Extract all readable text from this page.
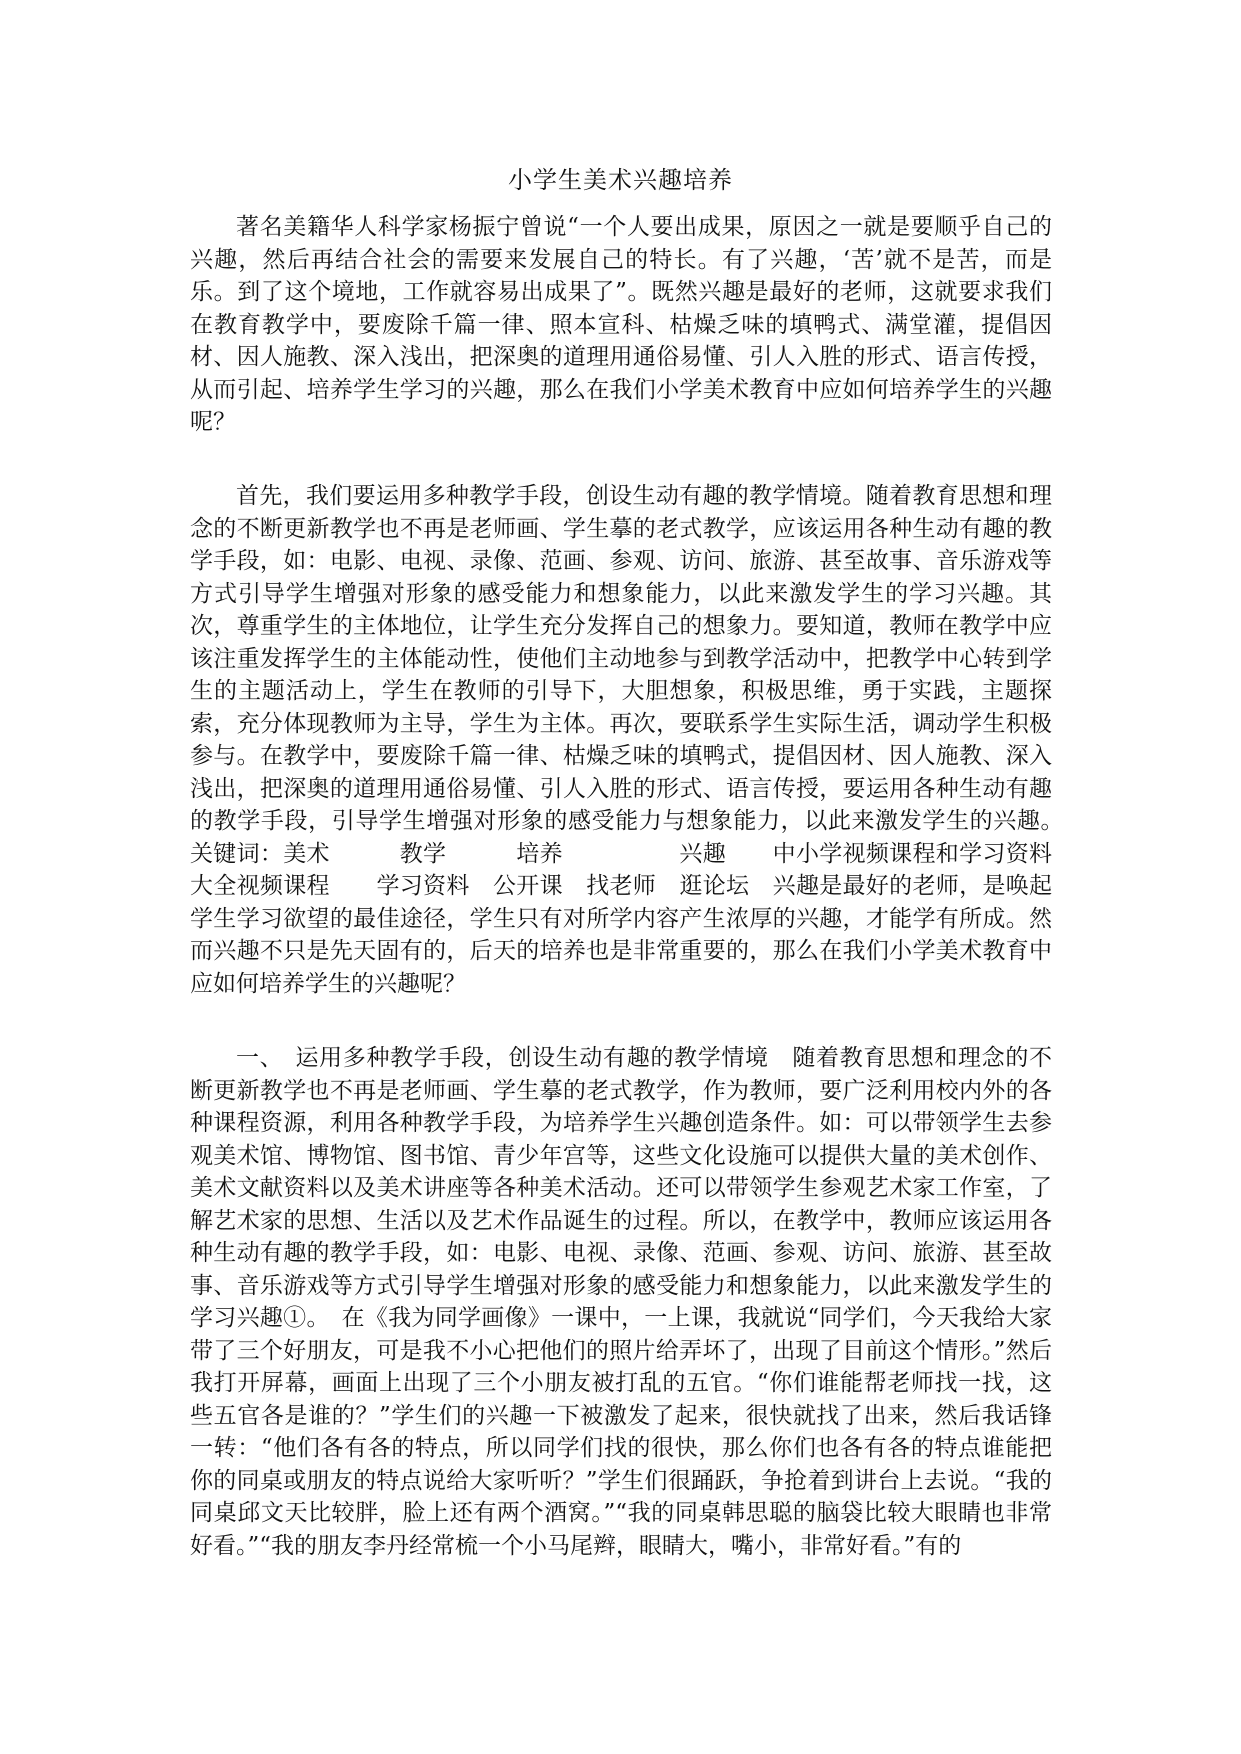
小学生美术兴趣培养

著名美籍华人科学家杨振宁曾说“一个人要出成果，原因之一就是要顺乎自己的兴趣，然后再结合社会的需要来发展自己的特长。有了兴趣，‘苦’就不是苦，而是乐。到了这个境地，工作就容易出成果了”。既然兴趣是最好的老师，这就要求我们在教育教学中，要废除千篇一律、照本宣科、枯燥乏味的填鸭式、满堂灌，提倡因材、因人施教、深入浅出，把深奥的道理用通俗易懂、引人入胜的形式、语言传授，从而引起、培养学生学习的兴趣，那么在我们小学美术教育中应如何培养学生的兴趣呢？

首先，我们要运用多种教学手段，创设生动有趣的教学情境。随着教育思想和理念的不断更新教学也不再是老师画、学生摹的老式教学，应该运用各种生动有趣的教学手段，如：电影、电视、录像、范画、参观、访问、旅游、甚至故事、音乐游戏等方式引导学生增强对形象的感受能力和想象能力，以此来激发学生的学习兴趣。其次，尊重学生的主体地位，让学生充分发挥自己的想象力。要知道，教师在教学中应该注重发挥学生的主体能动性，使他们主动地参与到教学活动中，把教学中心转到学生的主题活动上，学生在教师的引导下，大胆想象，积极思维，勇于实践，主题探索，充分体现教师为主导，学生为主体。再次，要联系学生实际生活，调动学生积极参与。在教学中，要废除千篇一律、枯燥乏味的填鸭式，提倡因材、因人施教、深入浅出，把深奥的道理用通俗易懂、引人入胜的形式、语言传授，要运用各种生动有趣的教学手段，引导学生增强对形象的感受能力与想象能力，以此来激发学生的兴趣。　　关键词：美术　　　教学　　　培养　　　　　兴趣　　中小学视频课程和学习资料大全视频课程　　学习资料　公开课　找老师　逛论坛　兴趣是最好的老师，是唤起学生学习欲望的最佳途径，学生只有对所学内容产生浓厚的兴趣，才能学有所成。然而兴趣不只是先天固有的，后天的培养也是非常重要的，那么在我们小学美术教育中应如何培养学生的兴趣呢？

一、　运用多种教学手段，创设生动有趣的教学情境　随着教育思想和理念的不断更新教学也不再是老师画、学生摹的老式教学，作为教师，要广泛利用校内外的各种课程资源，利用各种教学手段，为培养学生兴趣创造条件。如：可以带领学生去参观美术馆、博物馆、图书馆、青少年宫等，这些文化设施可以提供大量的美术创作、美术文献资料以及美术讲座等各种美术活动。还可以带领学生参观艺术家工作室，了解艺术家的思想、生活以及艺术作品诞生的过程。所以，在教学中，教师应该运用各种生动有趣的教学手段，如：电影、电视、录像、范画、参观、访问、旅游、甚至故事、音乐游戏等方式引导学生增强对形象的感受能力和想象能力，以此来激发学生的学习兴趣①。　在《我为同学画像》一课中，一上课，我就说“同学们，今天我给大家带了三个好朋友，可是我不小心把他们的照片给弄坏了，出现了目前这个情形。”然后我打开屏幕，画面上出现了三个小朋友被打乱的五官。“你们谁能帮老师找一找，这些五官各是谁的？”学生们的兴趣一下被激发了起来，很快就找了出来，然后我话锋一转：“他们各有各的特点，所以同学们找的很快，那么你们也各有各的特点谁能把你的同桌或朋友的特点说给大家听听？”学生们很踊跃，争抢着到讲台上去说。“我的同桌邱文天比较胖，脸上还有两个酒窝。”“我的同桌韩思聪的脑袋比较大眼睛也非常好看。”“我的朋友李丹经常梳一个小马尾辫，眼睛大，嘴小，非常好看。”有的
